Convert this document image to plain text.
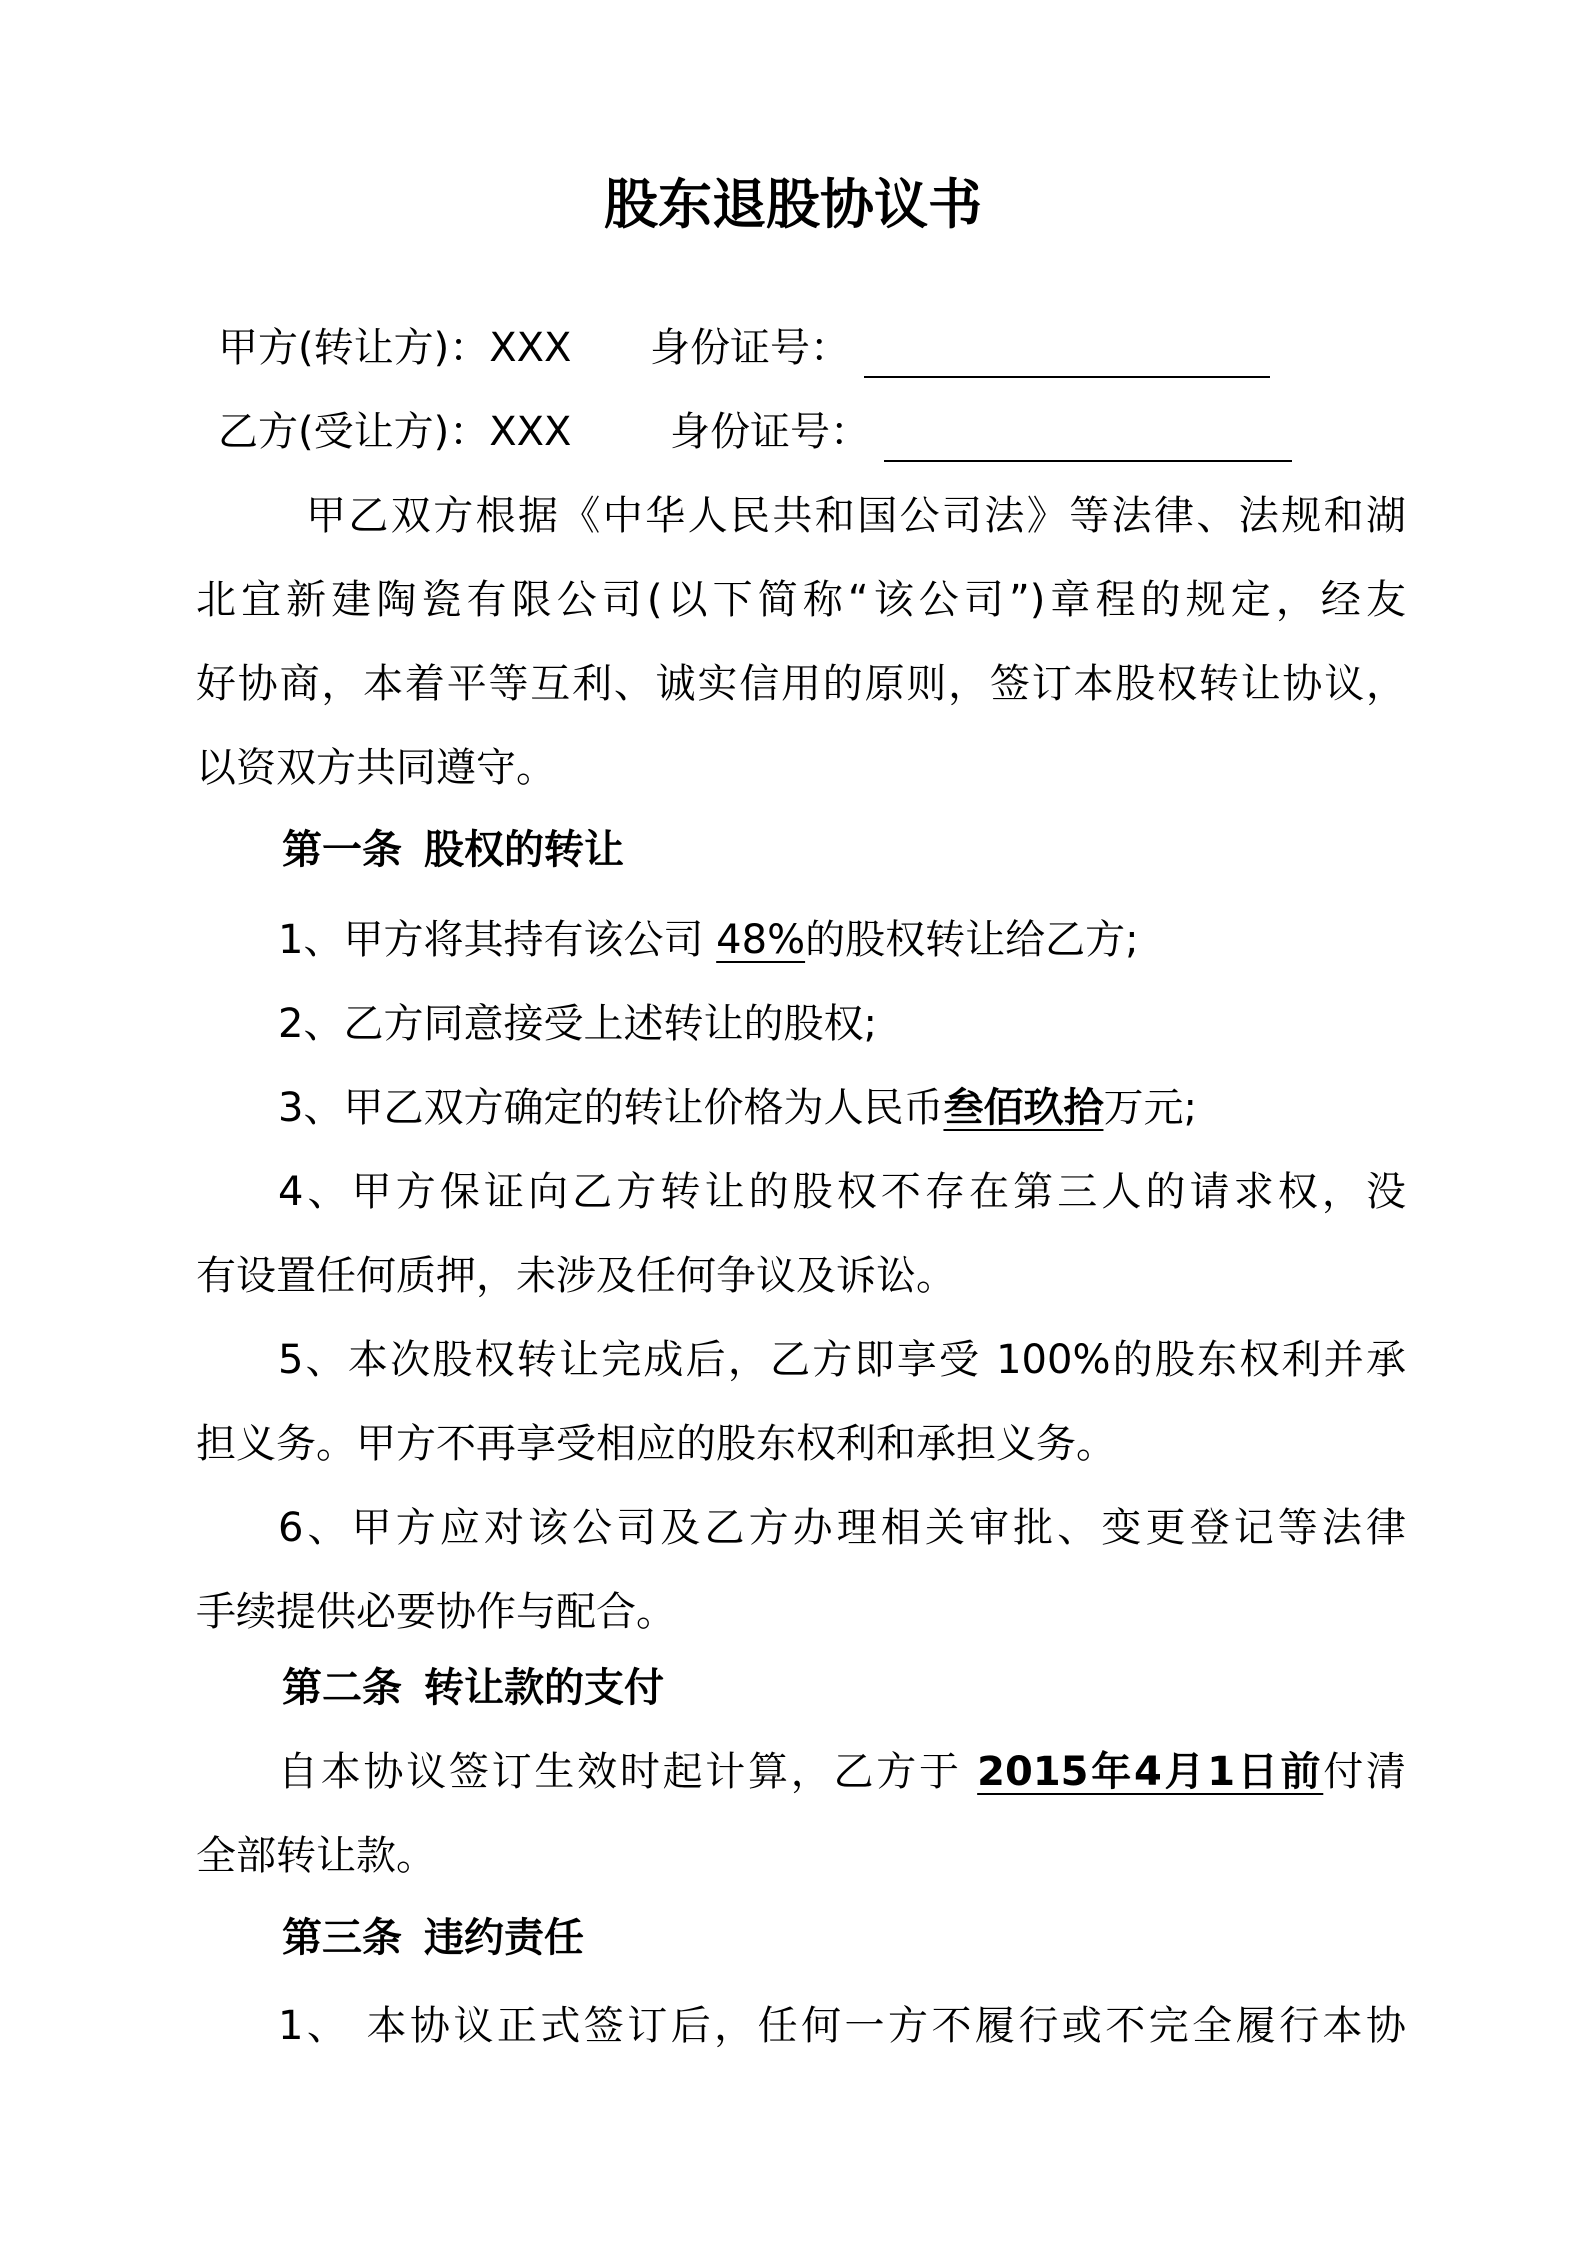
股东退股协议书
甲方(转让方)：XXX 身份证号：
乙方(受让方)：XXX 身份证号：
甲乙双方根据《中华人民共和国公司法》等法律、法规和湖
北宜新建陶瓷有限公司(以下简称“该公司”)章程的规定，经友
好协商，本着平等互利、诚实信用的原则，签订本股权转让协议，
以资双方共同遵守。
第一条 股权的转让
1、甲方将其持有该公司 48%的股权转让给乙方;
2、乙方同意接受上述转让的股权;
3、甲乙双方确定的转让价格为人民币叁佰玖拾万元;
4、甲方保证向乙方转让的股权不存在第三人的请求权，没
有设置任何质押，未涉及任何争议及诉讼。
5、本次股权转让完成后，乙方即享受 100%的股东权利并承
担义务。甲方不再享受相应的股东权利和承担义务。
6、甲方应对该公司及乙方办理相关审批、变更登记等法律
手续提供必要协作与配合。
第二条 转让款的支付
自本协议签订生效时起计算，乙方于 2015年4月1日前付清
全部转让款。
第三条 违约责任
1、 本协议正式签订后，任何一方不履行或不完全履行本协
